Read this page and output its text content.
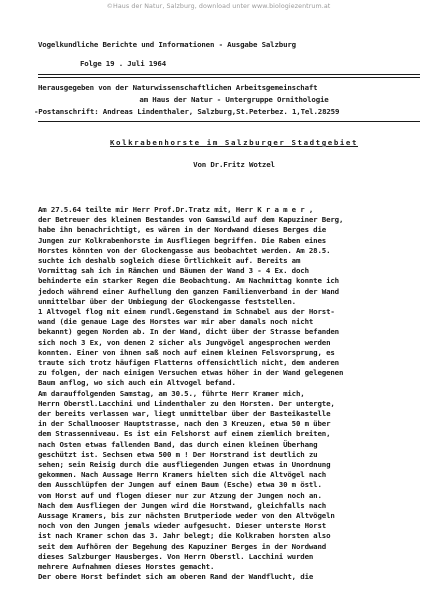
©Haus der Natur, Salzburg, download unter www.biologiezentrum.at
Vogelkundliche Berichte und Informationen - Ausgabe Salzburg
Folge 19 . Juli 1964
Herausgegeben von der Naturwissenschaftlichen Arbeitsgemeinschaft
am Haus der Natur - Untergruppe Ornithologie
-Postanschrift: Andreas Lindenthaler, Salzburg,St.Peterbez. 1,Tel.28259
Kolkrabenhorste im Salzburger Stadtgebiet
Von Dr.Fritz Wotzel
Am 27.5.64 teilte mir Herr Prof.Dr.Tratz mit, Herr K r a m e r ,
der Betreuer des kleinen Bestandes von Gamswild auf dem Kapuziner Berg,
habe ihn benachrichtigt, es wären in der Nordwand dieses Berges die
Jungen zur Kolkrabenhorste im Ausfliegen begriffen. Die Raben eines
Horstes könnten von der Glockengasse aus beobachtet werden. Am 28.5.
suchte ich deshalb sogleich diese Örtlichkeit auf. Bereits am
Vormittag sah ich in Rämchen und Bäumen der Wand 3 - 4 Ex. doch
behinderte ein starker Regen die Beobachtung. Am Nachmittag konnte ich
jedoch während einer Aufhellung den ganzen Familienverband in der Wand
unmittelbar über der Umbiegung der Glockengasse feststellen.
1 Altvogel flog mit einem rundl.Gegenstand im Schnabel aus der Horst-
wand (die genaue Lage des Horstes war mir aber damals noch nicht
bekannt) gegen Norden ab. In der Wand, dicht über der Strasse befanden
sich noch 3 Ex, von denen 2 sicher als Jungvögel angesprochen werden
konnten. Einer von ihnen saß noch auf einem kleinen Felsvorsprung, es
traute sich trotz häufigen Flatterns offensichtlich nicht, dem anderen
zu folgen, der nach einigen Versuchen etwas höher in der Wand gelegenen
Baum anflog, wo sich auch ein Altvogel befand.
Am darauffolgenden Samstag, am 30.5., führte Herr Kramer mich,
Herrn Oberstl.Lacchini und Lindenthaler zu den Horsten. Der untergte,
der bereits verlassen war, liegt unmittelbar über der Basteikastelle
in der Schallmooser Hauptstrasse, nach den 3 Kreuzen, etwa 50 m über
dem Strassenniveau. Es ist ein Felshorst auf einem ziemlich breiten,
nach Osten etwas fallenden Band, das durch einen kleinen Überhang
geschützt ist. Sechsen etwa 500 m ! Der Horstrand ist deutlich zu
sehen; sein Reisig durch die ausfliegenden Jungen etwas in Unordnung
gekommen. Nach Aussage Herrn Kramers hielten sich die Altvögel nach
dem Ausschlüpfen der Jungen auf einem Baum (Esche) etwa 30 m östl.
vom Horst auf und flogen dieser nur zur Atzung der Jungen noch an.
Nach dem Ausfliegen der Jungen wird die Horstwand, gleichfalls nach
Aussage Kramers, bis zur nächsten Brutperiode weder von den Altvögeln
noch von den Jungen jemals wieder aufgesucht. Dieser unterste Horst
ist nach Kramer schon das 3. Jahr belegt; die Kolkraben horsten also
seit dem Aufhören der Begehung des Kapuziner Berges in der Nordwand
dieses Salzburger Hausberges. Von Herrn Oberstl. Lacchini wurden
mehrere Aufnahmen dieses Horstes gemacht.
Der obere Horst befindet sich am oberen Rand der Wandflucht, die
